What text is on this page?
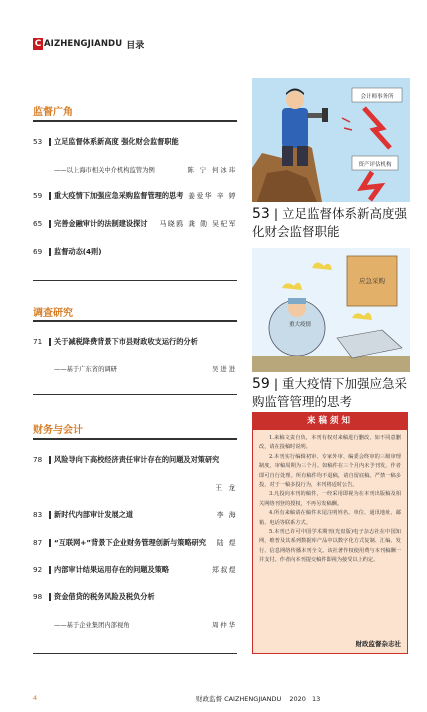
C AIZHENGJIANDU 目录
监督广角
53	立足监督体系新高度 强化财会监督职能
——以上海市相关中介机构监管为例	陈 宁 何冰玮
59	重大疫情下加强应急采购监督管理的思考 姜爱华 辛 婷
65	完善金融审计的法制建设探讨 马晓鸥 龚 勋 吴杞军
69	监督动态(4则)
调查研究
71	关于减税降费背景下市县财政收支运行的分析
——基于广东省的调研	吴进进
财务与会计
78	风险导向下高校经济责任审计存在的问题及对策研究
王 龙
83	新时代内部审计发展之道	李 海
87	“互联网+”背景下企业财务管理创新与策略研究 陆 煜
92	内部审计结果运用存在的问题及策略	郑叔煜
98	资金借贷的税务风险及税负分析
——基于企业集团内部视角	周仲华
会计师事务所
资产评估机构
53 | 立足监督体系新高度强化财会监督职能
应急采购
重大疫情
59 | 重大疫情下加强应急采购监管管理的思考
来稿须知

1.来稿文责自负，本刊有权对来稿进行删改，如不同意删改，请在投稿时说明。

2.本刊实行编辑初审、专家外审、编委会终审的三级审理制度，审稿周期为三个月。如稿件在三个月内未予刊发，作者即可自行处理。所有稿件均不退稿，请自留底稿。严禁一稿多投，对于一稿多投行为，本刊将适时公告。

3.凡投向本刊的稿件，一经采用即视为在本刊出版稿及相关网络刊登的授权，不再另发稿酬。

4.所有来稿请在稿件末尾注明姓名、单位、通讯地址、邮箱、电话等联系方式。

5.本刊已许可中国学术期刊(光盘版)电子杂志社在中国知网，维普及其系列数据库产品中以数字化方式复制、汇编、发行、信息网络传播本刊全文。该社著作权使用费与本刊稿酬一并支付。作者向本刊提交稿件即视为接受以上约定。

财政监督杂志社
4	财政监督 CAIZHENGJIANDU 2020 13
